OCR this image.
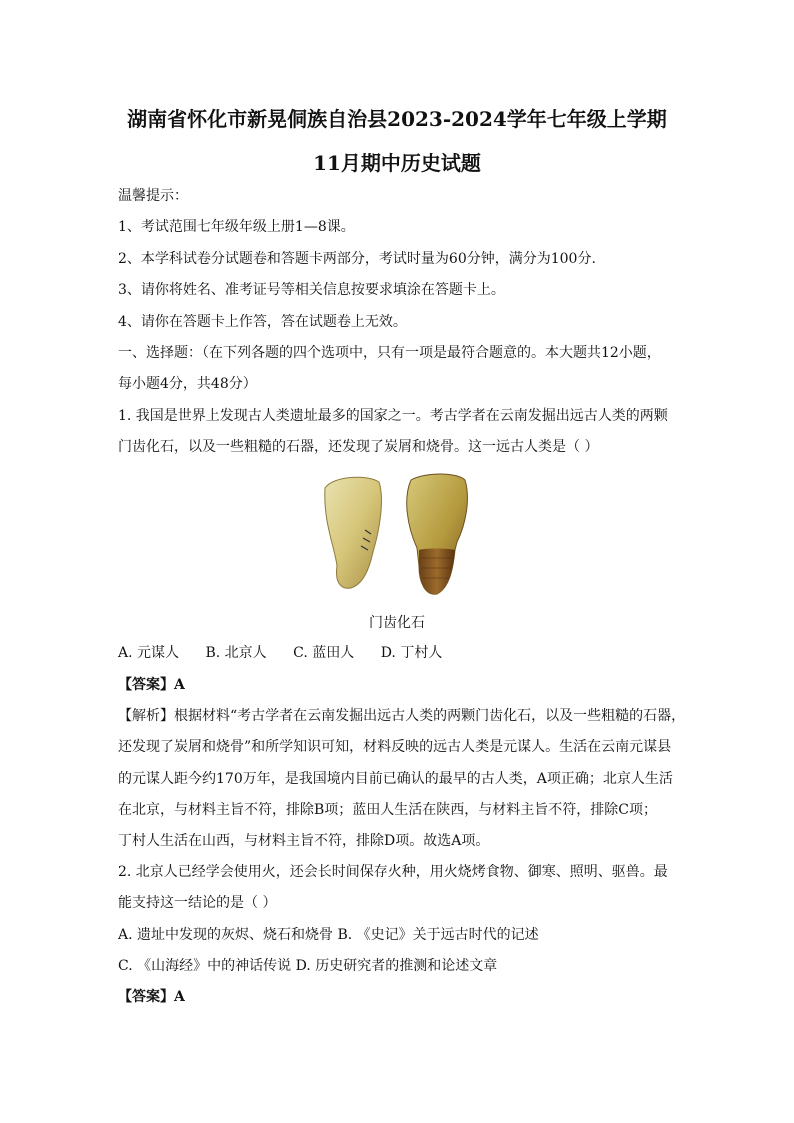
湖南省怀化市新晃侗族自治县2023-2024学年七年级上学期
11月期中历史试题
温馨提示：
1、考试范围七年级年级上册1—8课。
2、本学科试卷分试题卷和答题卡两部分，考试时量为60分钟，满分为100分.
3、请你将姓名、准考证号等相关信息按要求填涂在答题卡上。
4、请你在答题卡上作答，答在试题卷上无效。
一、选择题：（在下列各题的四个选项中，只有一项是最符合题意的。本大题共12小题，
每小题4分，共48分）
1. 我国是世界上发现古人类遗址最多的国家之一。考古学者在云南发掘出远古人类的两颗
门齿化石，以及一些粗糙的石器，还发现了炭屑和烧骨。这一远古人类是（ ）
门齿化石
A. 元谋人 B. 北京人 C. 蓝田人 D. 丁村人
【答案】A
【解析】根据材料“考古学者在云南发掘出远古人类的两颗门齿化石，以及一些粗糙的石器，
还发现了炭屑和烧骨”和所学知识可知，材料反映的远古人类是元谋人。生活在云南元谋县
的元谋人距今约170万年，是我国境内目前已确认的最早的古人类，A项正确；北京人生活
在北京，与材料主旨不符，排除B项；蓝田人生活在陕西，与材料主旨不符，排除C项；
丁村人生活在山西，与材料主旨不符，排除D项。故选A项。
2. 北京人已经学会使用火，还会长时间保存火种，用火烧烤食物、御寒、照明、驱兽。最
能支持这一结论的是（ ）
A. 遗址中发现的灰烬、烧石和烧骨 B. 《史记》关于远古时代的记述
C. 《山海经》中的神话传说 D. 历史研究者的推测和论述文章
【答案】A
